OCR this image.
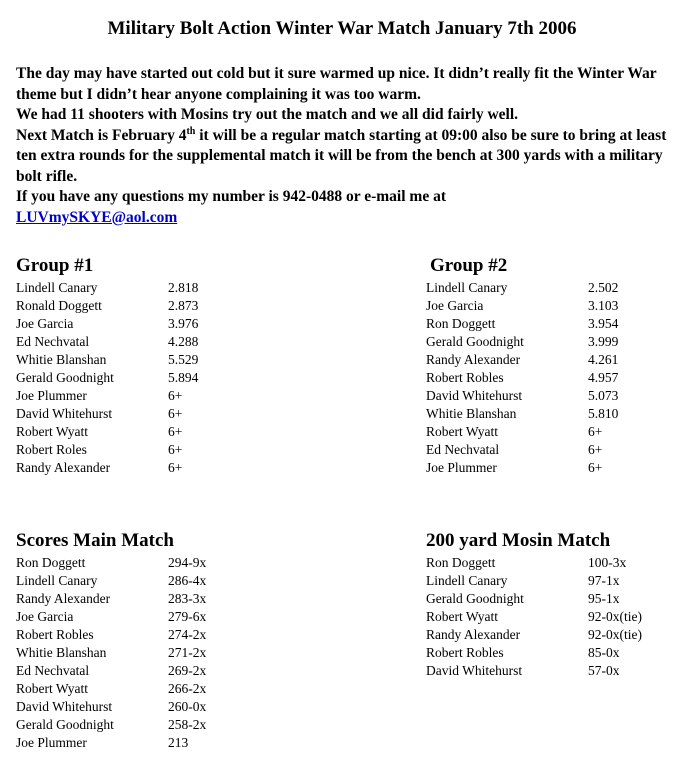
Military Bolt Action Winter War Match January 7th 2006

The day may have started out cold but it sure warmed up nice. It didn’t really fit the Winter War theme but I didn’t hear anyone complaining it was too warm.

We had 11 shooters with Mosins try out the match and we all did fairly well.

Next Match is February 4th it will be a regular match starting at 09:00 also be sure to bring at least ten extra rounds for the supplemental match it will be from the bench at 300 yards with a military bolt rifle.

If you have any questions my number is 942-0488 or e-mail me at

LUVmySKYE@aol.com

Group #1
Lindell Canary	2.818
Ronald Doggett	2.873
Joe Garcia	3.976
Ed Nechvatal	4.288
Whitie Blanshan	5.529
Gerald Goodnight	5.894
Joe Plummer	6+
David Whitehurst	6+
Robert Wyatt	6+
Robert Roles	6+
Randy Alexander	6+
Group #2
Lindell Canary	2.502
Joe Garcia	3.103
Ron Doggett	3.954
Gerald Goodnight	3.999
Randy Alexander	4.261
Robert Robles	4.957
David Whitehurst	5.073
Whitie Blanshan	5.810
Robert Wyatt	6+
Ed Nechvatal	6+
Joe Plummer	6+
Scores Main Match
Ron Doggett	294-9x
Lindell Canary	286-4x
Randy Alexander	283-3x
Joe Garcia	279-6x
Robert Robles	274-2x
Whitie Blanshan	271-2x
Ed Nechvatal	269-2x
Robert Wyatt	266-2x
David Whitehurst	260-0x
Gerald Goodnight	258-2x
Joe Plummer	213
200 yard Mosin Match
Ron Doggett	100-3x
Lindell Canary	97-1x
Gerald Goodnight	95-1x
Robert Wyatt	92-0x(tie)
Randy Alexander	92-0x(tie)
Robert Robles	85-0x
David Whitehurst	57-0x
